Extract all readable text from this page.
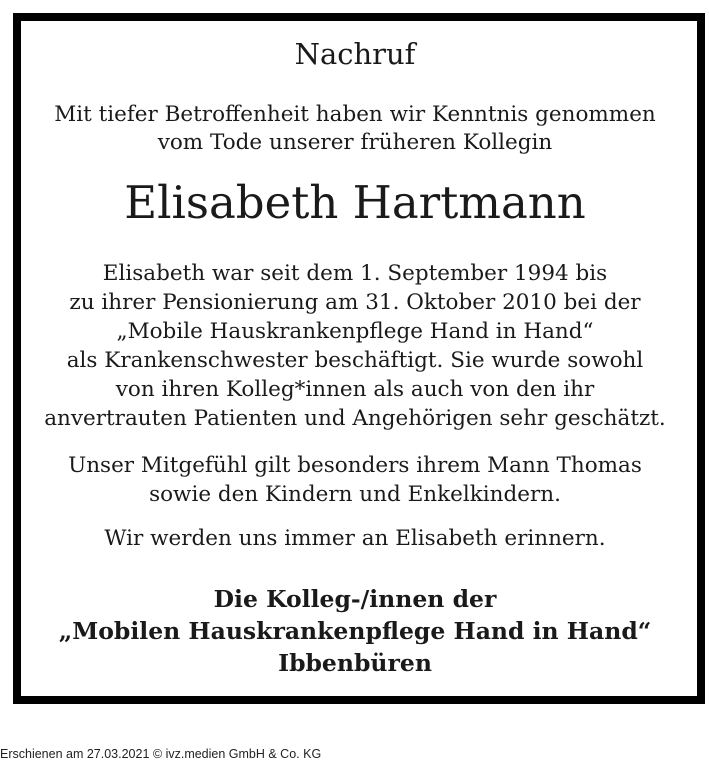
Nachruf
Mit tiefer Betroffenheit haben wir Kenntnis genommen
vom Tode unserer früheren Kollegin
Elisabeth Hartmann
Elisabeth war seit dem 1. September 1994 bis
zu ihrer Pensionierung am 31. Oktober 2010 bei der
„Mobile Hauskrankenpflege Hand in Hand“
als Krankenschwester beschäftigt. Sie wurde sowohl
von ihren Kolleg*innen als auch von den ihr
anvertrauten Patienten und Angehörigen sehr geschätzt.
Unser Mitgefühl gilt besonders ihrem Mann Thomas
sowie den Kindern und Enkelkindern.
Wir werden uns immer an Elisabeth erinnern.
Die Kolleg-/innen der
„Mobilen Hauskrankenpflege Hand in Hand“
Ibbenbüren
Erschienen am 27.03.2021 © ivz.medien GmbH & Co. KG
